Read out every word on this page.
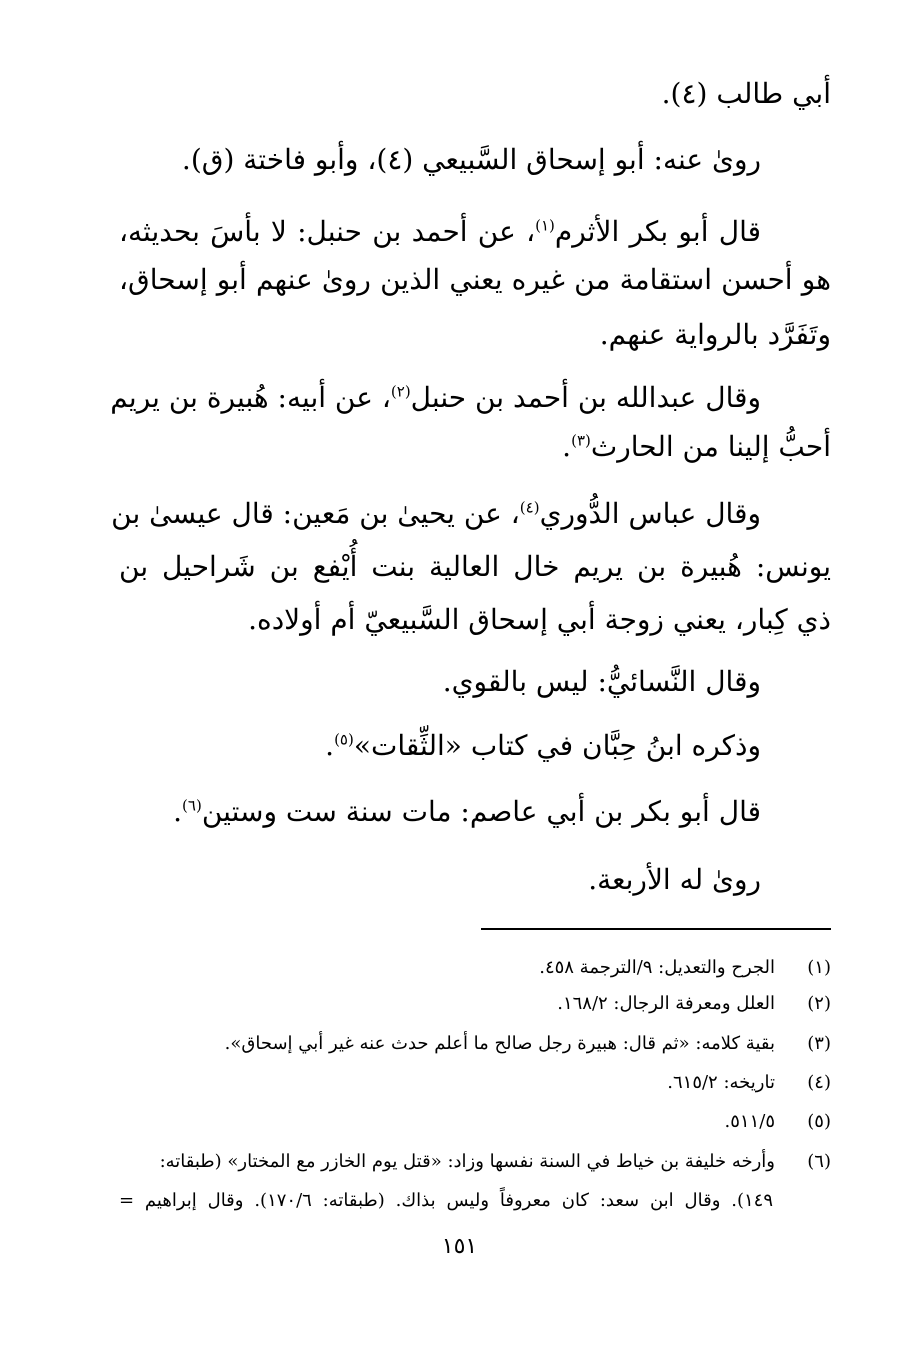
أبي طالب (٤).
روىٰ عنه: أبو إسحاق السَّبيعي (٤)، وأبو فاختة (ق).
قال أبو بكر الأثرم$^{(١)}$، عن أحمد بن حنبل: لا بأسَ بحديثه،
هو أحسن استقامة من غيره يعني الذين روىٰ عنهم أبو إسحاق،
وتَفَرَّد بالرواية عنهم.
وقال عبدالله بن أحمد بن حنبل$^{(٢)}$، عن أبيه: هُبيرة بن يريم
أحبُّ إلينا من الحارث$^{(٣)}$.
وقال عباس الدُّوري$^{(٤)}$، عن يحيىٰ بن مَعين: قال عيسىٰ بن
يونس: هُبيرة بن يريم خال العالية بنت أُيْفع بن شَراحيل بن
ذي كِبار، يعني زوجة أبي إسحاق السَّبيعيّ أم أولاده.
وقال النَّسائيُّ: ليس بالقوي.
وذكره ابنُ حِبَّان في كتاب «الثِّقات»$^{(٥)}$.
قال أبو بكر بن أبي عاصم: مات سنة ست وستين$^{(٦)}$.
روىٰ له الأربعة.
(١)الجرح والتعديل: ٩/الترجمة ٤٥٨.
(٢)العلل ومعرفة الرجال: ١٦٨/٢.
(٣)بقية كلامه: «ثم قال: هبيرة رجل صالح ما أعلم حدث عنه غير أبي إسحاق».
(٤)تاريخه: ٦١٥/٢.
(٥)٥١١/٥.
(٦)وأرخه خليفة بن خياط في السنة نفسها وزاد: «قتل يوم الخازر مع المختار» (طبقاته:
١٤٩). وقال ابن سعد: كان معروفاً وليس بذاك. (طبقاته: ١٧٠/٦). وقال إبراهيم =
١٥١
